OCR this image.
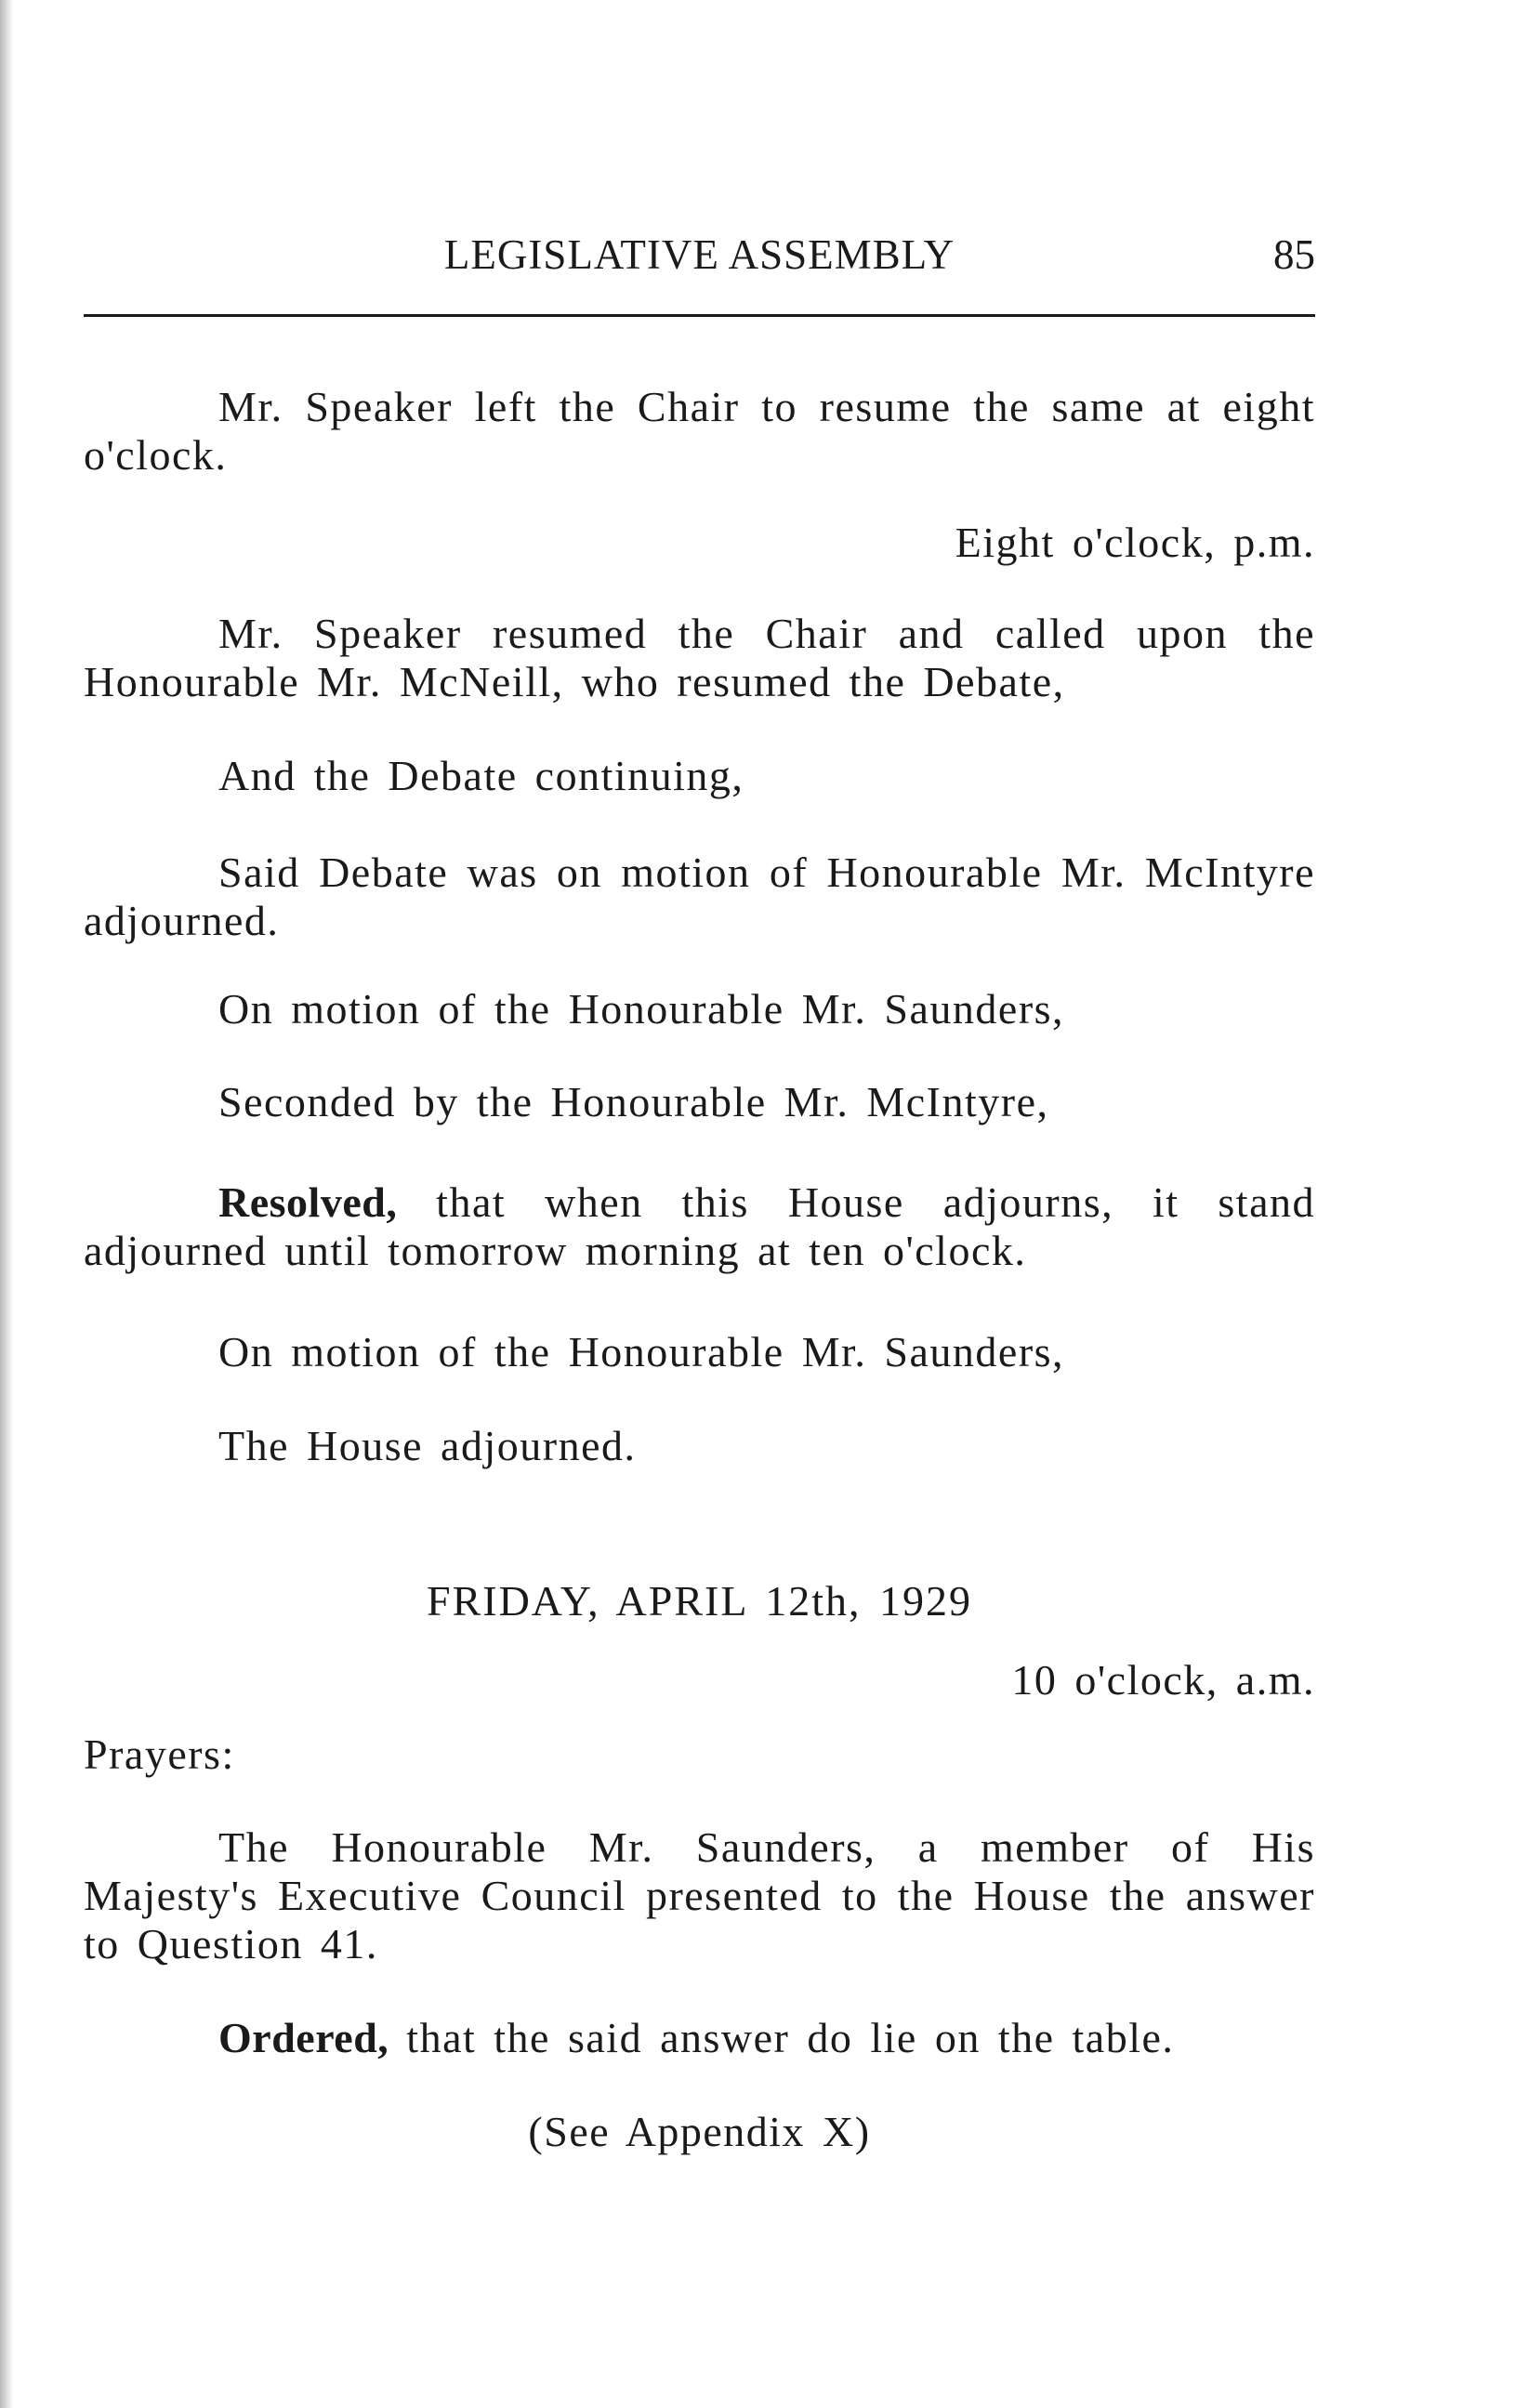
LEGISLATIVE ASSEMBLY	85

Mr. Speaker left the Chair to resume the same at eight o'clock.

Eight o'clock, p.m.

Mr. Speaker resumed the Chair and called upon the Honourable Mr. McNeill, who resumed the Debate,

And the Debate continuing,

Said Debate was on motion of Honourable Mr. McIntyre adjourned.

On motion of the Honourable Mr. Saunders,

Seconded by the Honourable Mr. McIntyre,

Resolved, that when this House adjourns, it stand adjourned until tomorrow morning at ten o'clock.

On motion of the Honourable Mr. Saunders,

The House adjourned.

FRIDAY, APRIL 12th, 1929

10 o'clock, a.m.

Prayers:

The Honourable Mr. Saunders, a member of His Majesty's Executive Council presented to the House the answer to Question 41.

Ordered, that the said answer do lie on the table.

(See Appendix X)
